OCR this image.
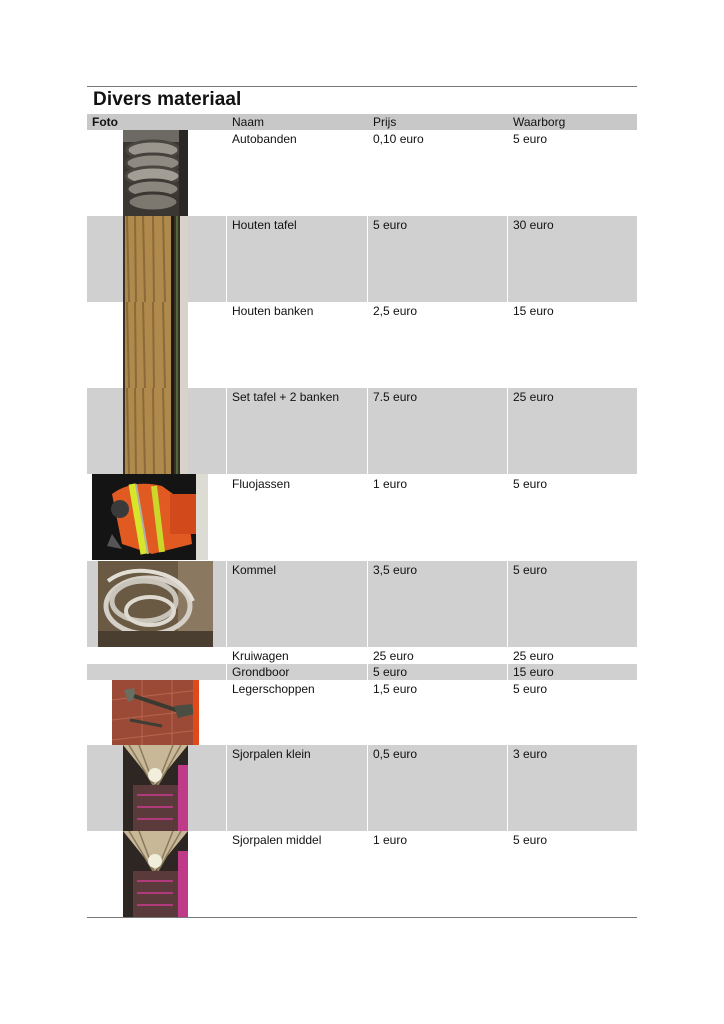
Divers materiaal
Foto	Naam	Prijs	Waarborg
Autobanden	0,10 euro	5 euro
Houten tafel	5 euro	30 euro
Houten banken	2,5 euro	15 euro
Set tafel + 2 banken	7.5 euro	25 euro
Fluojassen	1 euro	5 euro
Kommel	3,5 euro	5 euro
Kruiwagen	25 euro	25 euro
Grondboor	5 euro	15 euro
Legerschoppen	1,5 euro	5 euro
Sjorpalen klein	0,5 euro	3 euro
Sjorpalen middel	1 euro	5 euro
